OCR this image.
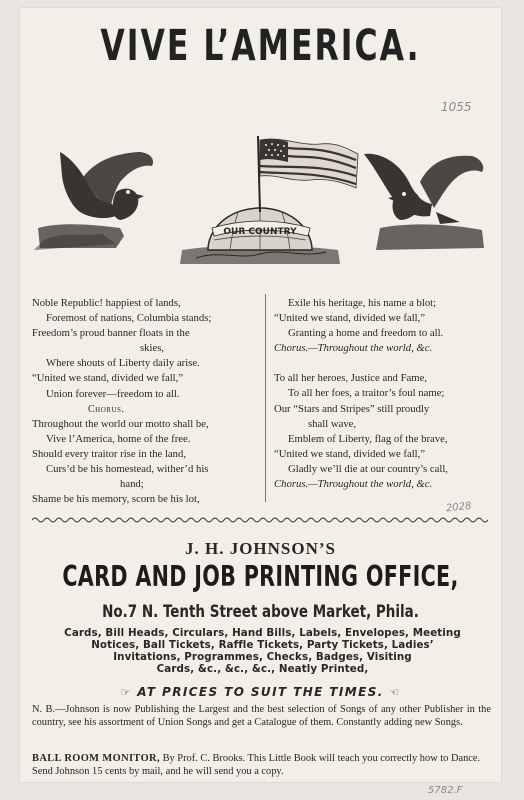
VIVE L’AMERICA.
1055
OUR COUNTRY
Noble Republic! happiest of lands,
Foremost of nations, Columbia stands;
Freedom’s proud banner floats in the
skies,
Where shouts of Liberty daily arise.
“United we stand, divided we fall,”
Union forever—freedom to all.
Chorus.
Throughout the world our motto shall be,
Vive l’America, home of the free.
Should every traitor rise in the land,
Curs’d be his homestead, wither’d his
hand;
Shame be his memory, scorn be his lot,
Exile his heritage, his name a blot;
“United we stand, divided we fall,”
Granting a home and freedom to all.
Chorus.—Throughout the world, &c.
To all her heroes, Justice and Fame,
To all her foes, a traitor’s foul name;
Our “Stars and Stripes” still proudly
shall wave,
Emblem of Liberty, flag of the brave,
“United we stand, divided we fall,”
Gladly we’ll die at our country’s call,
Chorus.—Throughout the world, &c.
2028
J. H. JOHNSON’S
CARD AND JOB PRINTING OFFICE,
No.7 N. Tenth Street above Market, Phila.
Cards, Bill Heads, Circulars, Hand Bills, Labels, Envelopes, Meeting
Notices, Ball Tickets, Raffle Tickets, Party Tickets, Ladies’
Invitations, Programmes, Checks, Badges, Visiting
Cards, &c., &c., &c., Neatly Printed,
☞ AT PRICES TO SUIT THE TIMES. ☜
N. B.—Johnson is now Publishing the Largest and the best selection of Songs of any other Publisher in the country, see his assortment of Union Songs and get a Catalogue of them. Constantly adding new Songs.
BALL ROOM MONITOR, By Prof. C. Brooks. This Little Book will teach you correctly how to Dance. Send Johnson 15 cents by mail, and he will send you a copy.
5782.F
